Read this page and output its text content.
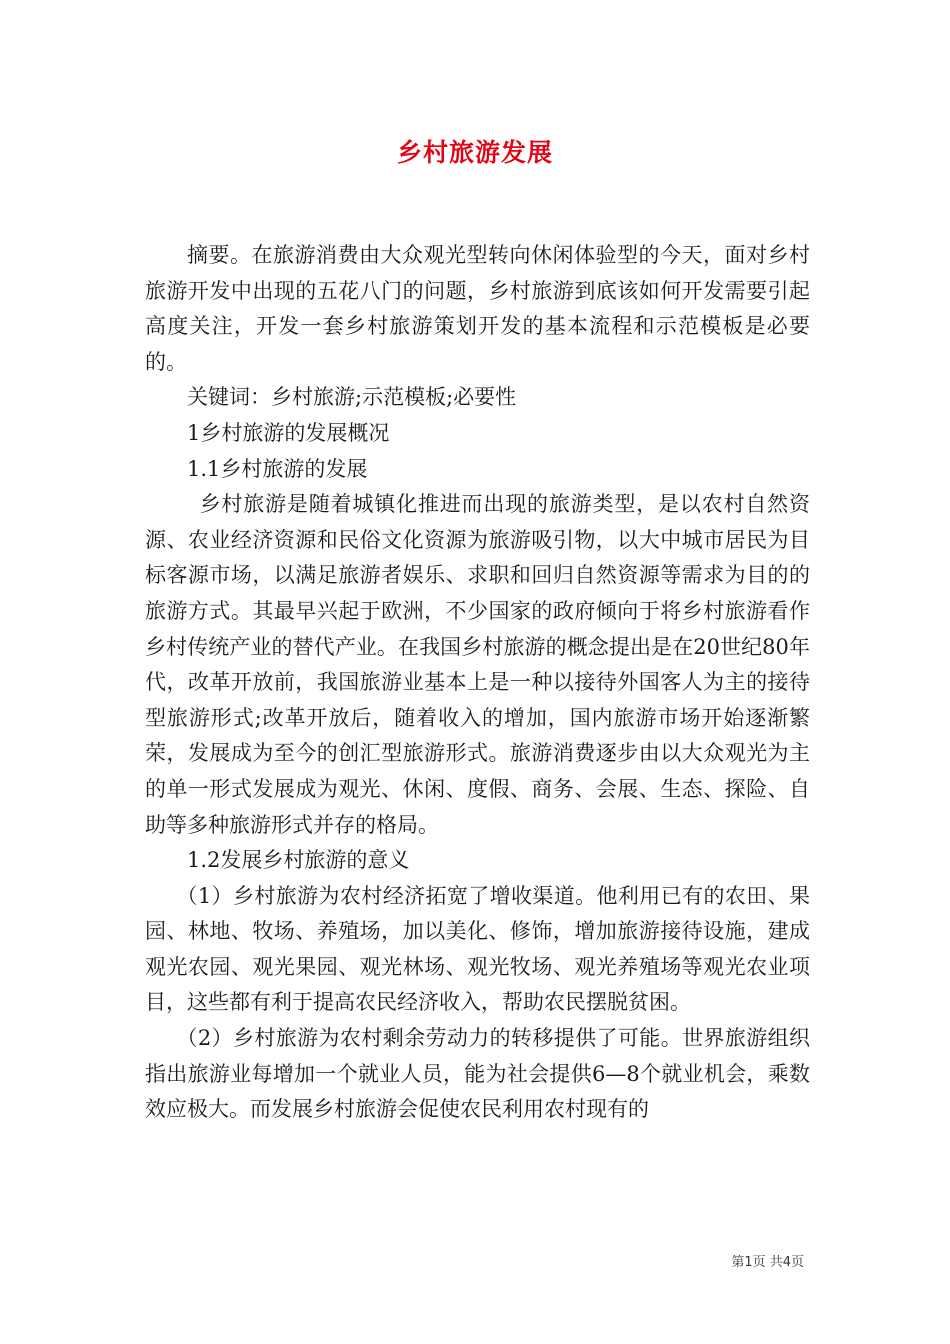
乡村旅游发展

摘要。在旅游消费由大众观光型转向休闲体验型的今天，面对乡村旅游开发中出现的五花八门的问题，乡村旅游到底该如何开发需要引起高度关注，开发一套乡村旅游策划开发的基本流程和示范模板是必要的。

关键词：乡村旅游;示范模板;必要性

1乡村旅游的发展概况

1.1乡村旅游的发展

乡村旅游是随着城镇化推进而出现的旅游类型，是以农村自然资源、农业经济资源和民俗文化资源为旅游吸引物，以大中城市居民为目标客源市场，以满足旅游者娱乐、求职和回归自然资源等需求为目的的旅游方式。其最早兴起于欧洲，不少国家的政府倾向于将乡村旅游看作乡村传统产业的替代产业。在我国乡村旅游的概念提出是在20世纪80年代，改革开放前，我国旅游业基本上是一种以接待外国客人为主的接待型旅游形式;改革开放后，随着收入的增加，国内旅游市场开始逐渐繁荣，发展成为至今的创汇型旅游形式。旅游消费逐步由以大众观光为主的单一形式发展成为观光、休闲、度假、商务、会展、生态、探险、自助等多种旅游形式并存的格局。

1.2发展乡村旅游的意义

（1）乡村旅游为农村经济拓宽了增收渠道。他利用已有的农田、果园、林地、牧场、养殖场，加以美化、修饰，增加旅游接待设施，建成观光农园、观光果园、观光林场、观光牧场、观光养殖场等观光农业项目，这些都有利于提高农民经济收入，帮助农民摆脱贫困。

（2）乡村旅游为农村剩余劳动力的转移提供了可能。世界旅游组织指出旅游业每增加一个就业人员，能为社会提供6—8个就业机会，乘数效应极大。而发展乡村旅游会促使农民利用农村现有的

第1页 共4页
